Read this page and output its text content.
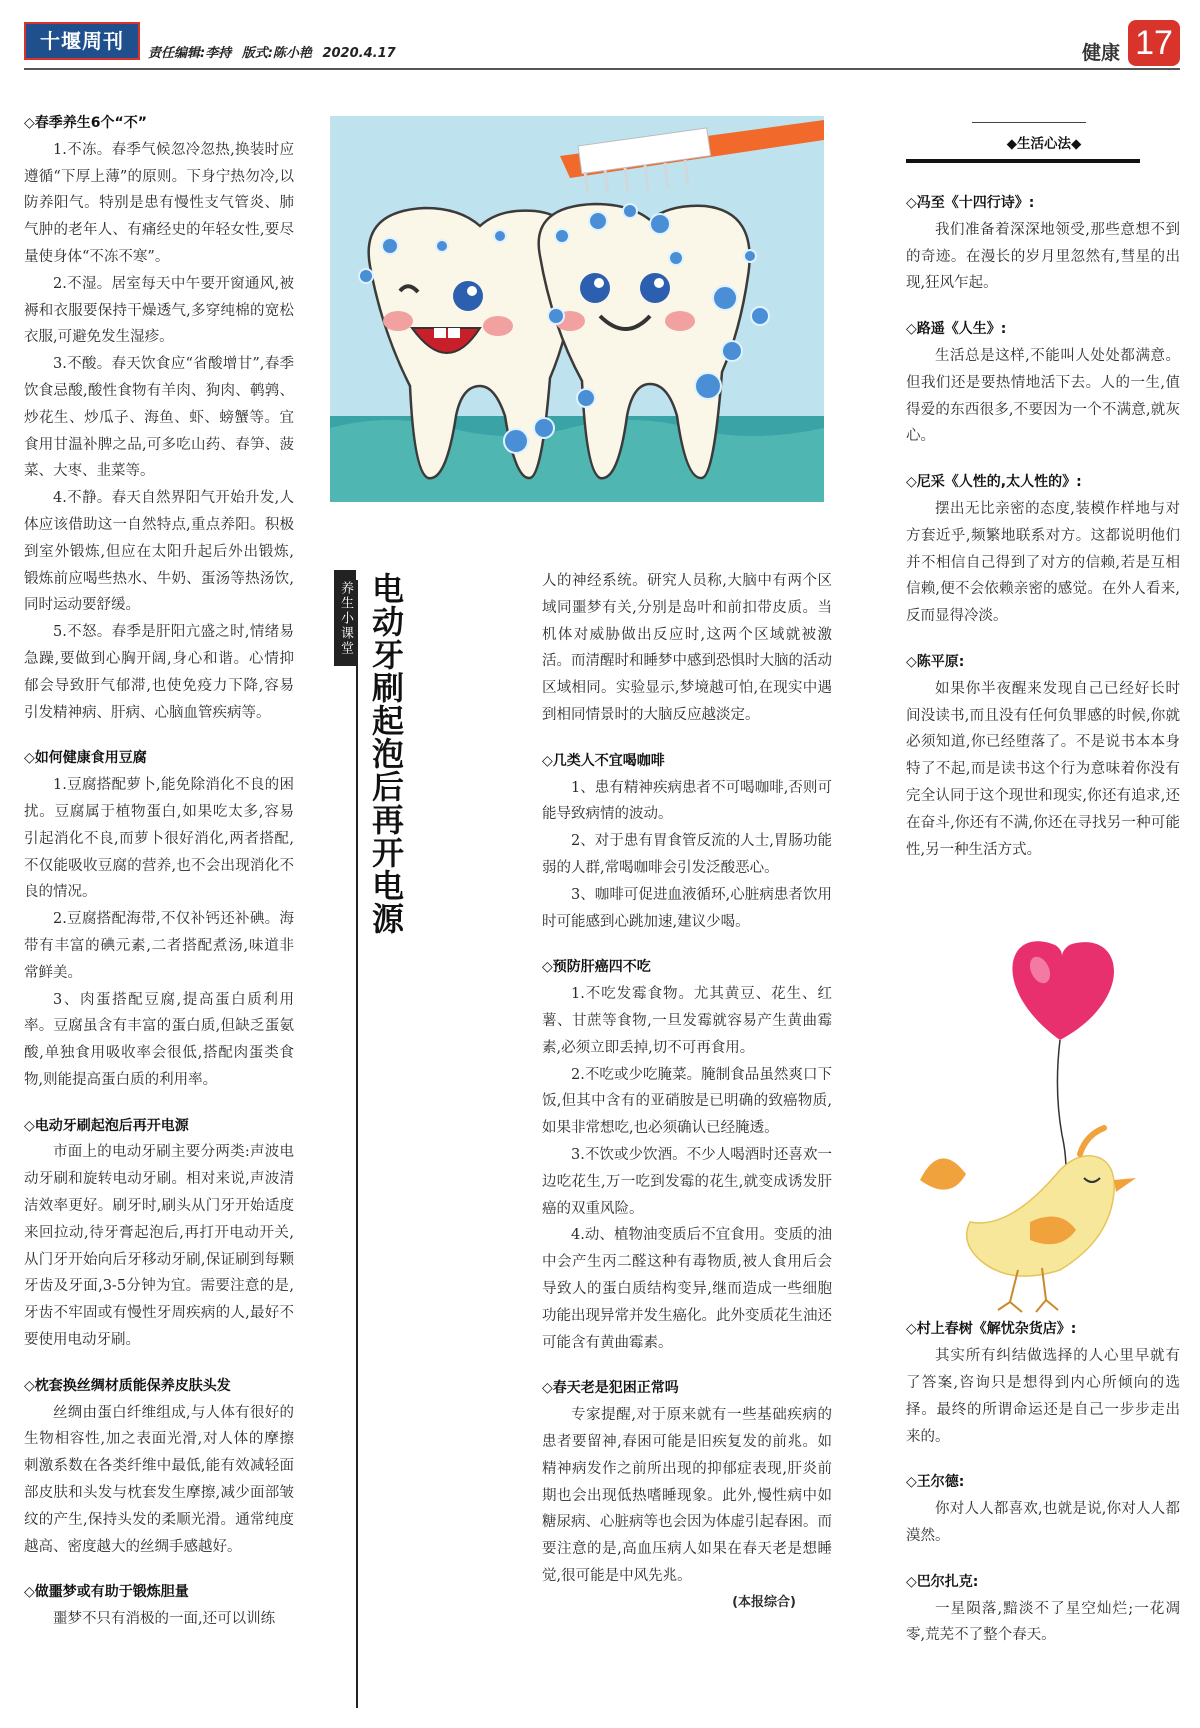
十堰周刊
责任编辑:李持 版式:陈小艳 2020.4.17	健康 17
◇春季养生6个“不”

1.不冻。春季气候忽冷忽热,换装时应遵循“下厚上薄”的原则。下身宁热勿冷,以防养阳气。特别是患有慢性支气管炎、肺气肿的老年人、有痛经史的年轻女性,要尽量使身体“不冻不寒”。

2.不湿。居室每天中午要开窗通风,被褥和衣服要保持干燥透气,多穿纯棉的宽松衣服,可避免发生湿疹。

3.不酸。春天饮食应“省酸增甘”,春季饮食忌酸,酸性食物有羊肉、狗肉、鹌鹑、炒花生、炒瓜子、海鱼、虾、螃蟹等。宜食用甘温补脾之品,可多吃山药、春笋、菠菜、大枣、韭菜等。

4.不静。春天自然界阳气开始升发,人体应该借助这一自然特点,重点养阳。积极到室外锻炼,但应在太阳升起后外出锻炼,锻炼前应喝些热水、牛奶、蛋汤等热汤饮,同时运动要舒缓。

5.不怒。春季是肝阳亢盛之时,情绪易急躁,要做到心胸开阔,身心和谐。心情抑郁会导致肝气郁滞,也使免疫力下降,容易引发精神病、肝病、心脑血管疾病等。

◇如何健康食用豆腐

1.豆腐搭配萝卜,能免除消化不良的困扰。豆腐属于植物蛋白,如果吃太多,容易引起消化不良,而萝卜很好消化,两者搭配,不仅能吸收豆腐的营养,也不会出现消化不良的情况。

2.豆腐搭配海带,不仅补钙还补碘。海带有丰富的碘元素,二者搭配煮汤,味道非常鲜美。

3、肉蛋搭配豆腐,提高蛋白质利用率。豆腐虽含有丰富的蛋白质,但缺乏蛋氨酸,单独食用吸收率会很低,搭配肉蛋类食物,则能提高蛋白质的利用率。

◇电动牙刷起泡后再开电源

市面上的电动牙刷主要分两类:声波电动牙刷和旋转电动牙刷。相对来说,声波清洁效率更好。刷牙时,刷头从门牙开始适度来回拉动,待牙膏起泡后,再打开电动开关,从门牙开始向后牙移动牙刷,保证刷到每颗牙齿及牙面,3-5分钟为宜。需要注意的是,牙齿不牢固或有慢性牙周疾病的人,最好不要使用电动牙刷。

◇枕套换丝绸材质能保养皮肤头发

丝绸由蛋白纤维组成,与人体有很好的生物相容性,加之表面光滑,对人体的摩擦刺激系数在各类纤维中最低,能有效减轻面部皮肤和头发与枕套发生摩擦,减少面部皱纹的产生,保持头发的柔顺光滑。通常纯度越高、密度越大的丝绸手感越好。

◇做噩梦或有助于锻炼胆量

噩梦不只有消极的一面,还可以训练

养生小课堂 电动牙刷起泡后再开电源	人的神经系统。研究人员称,大脑中有两个区域同噩梦有关,分别是岛叶和前扣带皮质。当机体对威胁做出反应时,这两个区域就被激活。而清醒时和睡梦中感到恐惧时大脑的活动区域相同。实验显示,梦境越可怕,在现实中遇到相同情景时的大脑反应越淡定。

◇几类人不宜喝咖啡

1、患有精神疾病患者不可喝咖啡,否则可能导致病情的波动。

2、对于患有胃食管反流的人士,胃肠功能弱的人群,常喝咖啡会引发泛酸恶心。

3、咖啡可促进血液循环,心脏病患者饮用时可能感到心跳加速,建议少喝。

◇预防肝癌四不吃

1.不吃发霉食物。尤其黄豆、花生、红薯、甘蔗等食物,一旦发霉就容易产生黄曲霉素,必须立即丢掉,切不可再食用。

2.不吃或少吃腌菜。腌制食品虽然爽口下饭,但其中含有的亚硝胺是已明确的致癌物质,如果非常想吃,也必须确认已经腌透。

3.不饮或少饮酒。不少人喝酒时还喜欢一边吃花生,万一吃到发霉的花生,就变成诱发肝癌的双重风险。

4.动、植物油变质后不宜食用。变质的油中会产生丙二醛这种有毒物质,被人食用后会导致人的蛋白质结构变异,继而造成一些细胞功能出现异常并发生癌化。此外变质花生油还可能含有黄曲霉素。

◇春天老是犯困正常吗

专家提醒,对于原来就有一些基础疾病的患者要留神,春困可能是旧疾复发的前兆。如精神病发作之前所出现的抑郁症表现,肝炎前期也会出现低热嗜睡现象。此外,慢性病中如糖尿病、心脏病等也会因为体虚引起春困。而要注意的是,高血压病人如果在春天老是想睡觉,很可能是中风先兆。

(本报综合)

◆生活心法◆
◇冯至《十四行诗》:

我们准备着深深地领受,那些意想不到的奇迹。在漫长的岁月里忽然有,彗星的出现,狂风乍起。

◇路遥《人生》:

生活总是这样,不能叫人处处都满意。但我们还是要热情地活下去。人的一生,值得爱的东西很多,不要因为一个不满意,就灰心。

◇尼采《人性的,太人性的》:

摆出无比亲密的态度,装模作样地与对方套近乎,频繁地联系对方。这都说明他们并不相信自己得到了对方的信赖,若是互相信赖,便不会依赖亲密的感觉。在外人看来,反而显得冷淡。

◇陈平原:

如果你半夜醒来发现自己已经好长时间没读书,而且没有任何负罪感的时候,你就必须知道,你已经堕落了。不是说书本本身特了不起,而是读书这个行为意味着你没有完全认同于这个现世和现实,你还有追求,还在奋斗,你还有不满,你还在寻找另一种可能性,另一种生活方式。

◇村上春树《解忧杂货店》:

其实所有纠结做选择的人心里早就有了答案,咨询只是想得到内心所倾向的选择。最终的所谓命运还是自己一步步走出来的。

◇王尔德:

你对人人都喜欢,也就是说,你对人人都漠然。

◇巴尔扎克:

一星陨落,黯淡不了星空灿烂;一花凋零,荒芜不了整个春天。
